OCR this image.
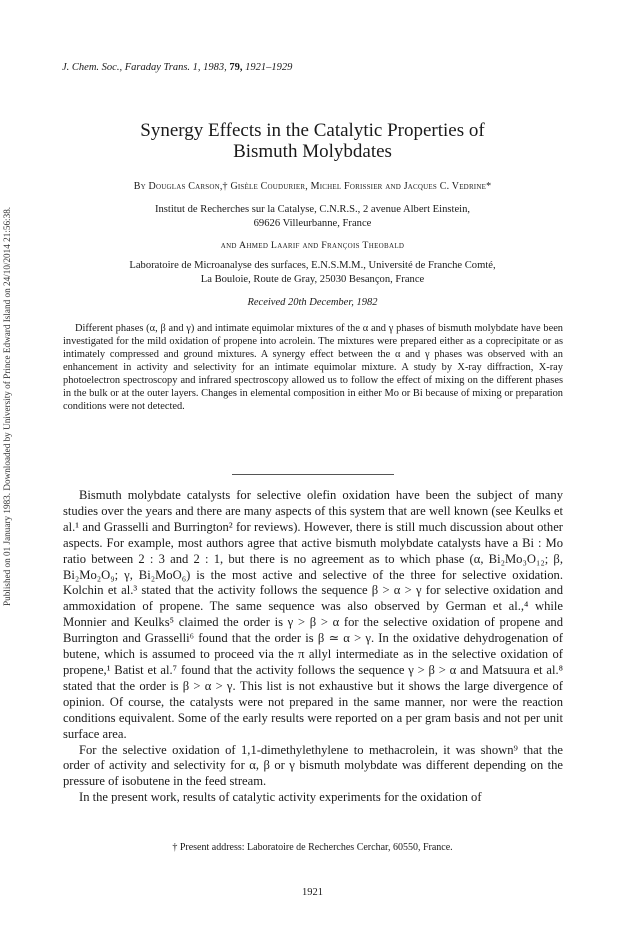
Published on 01 January 1983. Downloaded by University of Prince Edward Island on 24/10/2014 21:56:38.
J. Chem. Soc., Faraday Trans. 1, 1983, 79, 1921–1929
Synergy Effects in the Catalytic Properties of
Bismuth Molybdates
By Douglas Carson,† Gisèle Coudurier, Michel Forissier and Jacques C. Vedrine*
Institut de Recherches sur la Catalyse, C.N.R.S., 2 avenue Albert Einstein,
69626 Villeurbanne, France
and Ahmed Laarif and François Theobald
Laboratoire de Microanalyse des surfaces, E.N.S.M.M., Université de Franche Comté,
La Bouloie, Route de Gray, 25030 Besançon, France
Received 20th December, 1982

Different phases (α, β and γ) and intimate equimolar mixtures of the α and γ phases of bismuth molybdate have been investigated for the mild oxidation of propene into acrolein. The mixtures were prepared either as a coprecipitate or as intimately compressed and ground mixtures. A synergy effect between the α and γ phases was observed with an enhancement in activity and selectivity for an intimate equimolar mixture. A study by X-ray diffraction, X-ray photoelectron spectroscopy and infrared spectroscopy allowed us to follow the effect of mixing on the different phases in the bulk or at the outer layers. Changes in elemental composition in either Mo or Bi because of mixing or preparation conditions were not detected.

Bismuth molybdate catalysts for selective olefin oxidation have been the subject of many studies over the years and there are many aspects of this system that are well known (see Keulks et al.¹ and Grasselli and Burrington² for reviews). However, there is still much discussion about other aspects. For example, most authors agree that active bismuth molybdate catalysts have a Bi : Mo ratio between 2 : 3 and 2 : 1, but there is no agreement as to which phase (α, Bi₂Mo₃O₁₂; β, Bi₂Mo₂O₉; γ, Bi₂MoO₆) is the most active and selective of the three for selective oxidation. Kolchin et al.³ stated that the activity follows the sequence β > α > γ for selective oxidation and ammoxidation of propene. The same sequence was also observed by German et al.,⁴ while Monnier and Keulks⁵ claimed the order is γ > β > α for the selective oxidation of propene and Burrington and Grasselli⁶ found that the order is β ≃ α > γ. In the oxidative dehydrogenation of butene, which is assumed to proceed via the π allyl intermediate as in the selective oxidation of propene,¹ Batist et al.⁷ found that the activity follows the sequence γ > β > α and Matsuura et al.⁸ stated that the order is β > α > γ. This list is not exhaustive but it shows the large divergence of opinion. Of course, the catalysts were not prepared in the same manner, nor were the reaction conditions equivalent. Some of the early results were reported on a per gram basis and not per unit surface area.

For the selective oxidation of 1,1-dimethylethylene to methacrolein, it was shown⁹ that the order of activity and selectivity for α, β or γ bismuth molybdate was different depending on the pressure of isobutene in the feed stream.

In the present work, results of catalytic activity experiments for the oxidation of

† Present address: Laboratoire de Recherches Cerchar, 60550, France.
1921
